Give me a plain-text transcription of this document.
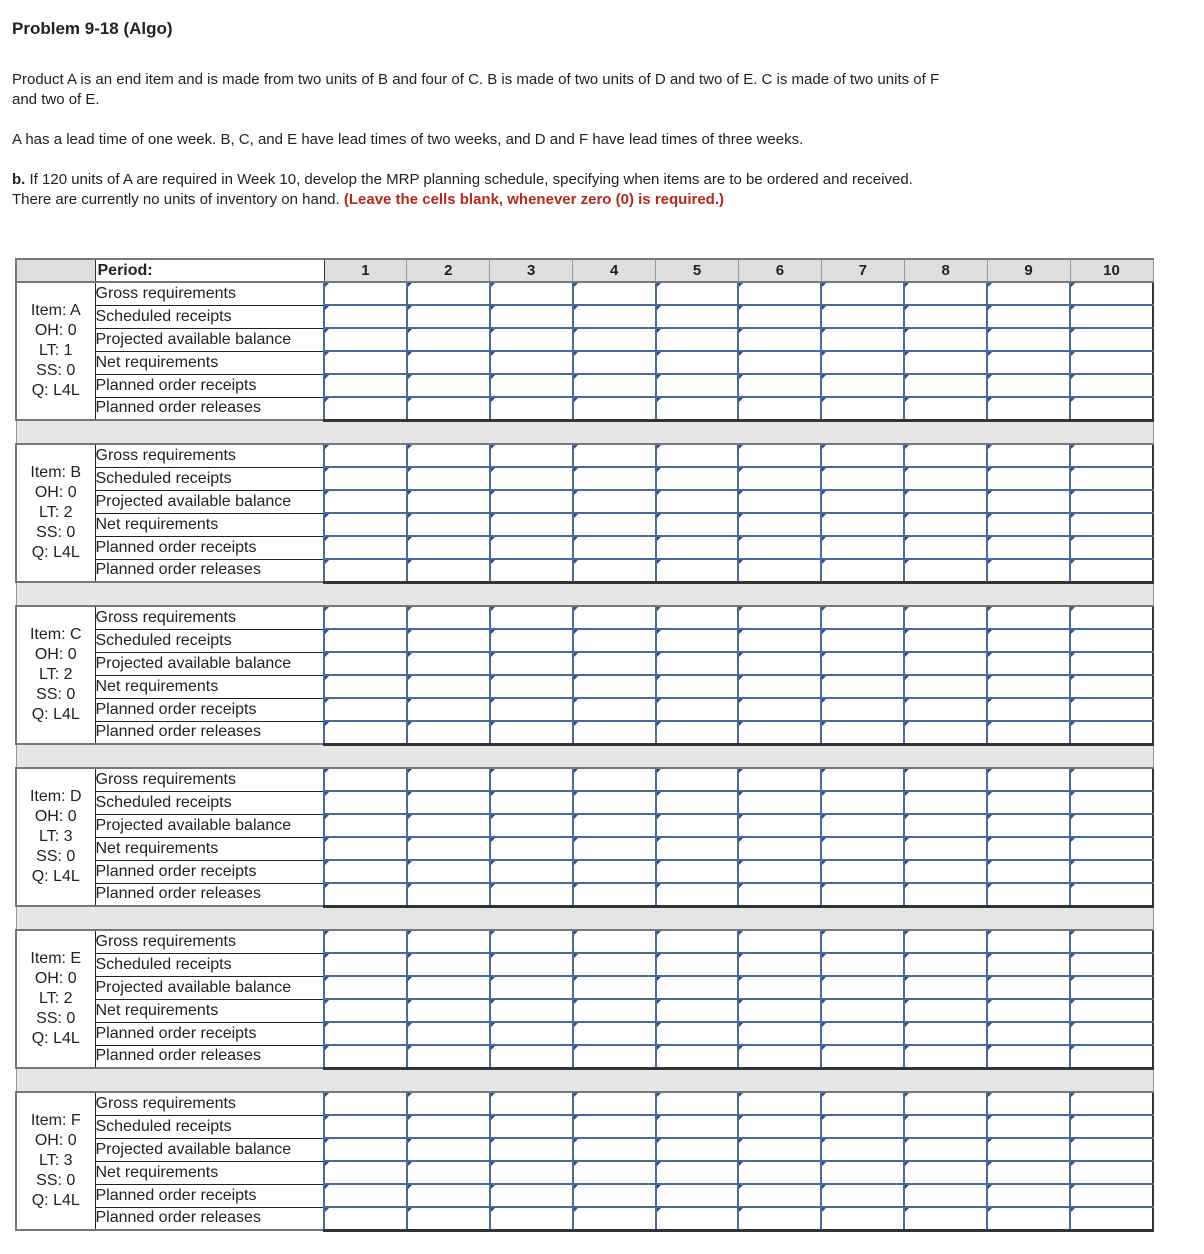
Problem 9-18 (Algo)
Product A is an end item and is made from two units of B and four of C. B is made of two units of D and two of E. C is made of two units of F and two of E.
A has a lead time of one week. B, C, and E have lead times of two weeks, and D and F have lead times of three weeks.
b. If 120 units of A are required in Week 10, develop the MRP planning schedule, specifying when items are to be ordered and received. There are currently no units of inventory on hand. (Leave the cells blank, whenever zero (0) is required.)
	Period:	1	2	3	4	5	6	7	8	9	10

Item: A
OH: 0
LT: 1
SS: 0
Q: L4L	Gross requirements										
	Scheduled receipts										
	Projected available balance										
	Net requirements										
	Planned order receipts										
	Planned order releases										

Item: B
OH: 0
LT: 2
SS: 0
Q: L4L	Gross requirements										
	Scheduled receipts										
	Projected available balance										
	Net requirements										
	Planned order receipts										
	Planned order releases										

Item: C
OH: 0
LT: 2
SS: 0
Q: L4L	Gross requirements										
	Scheduled receipts										
	Projected available balance										
	Net requirements										
	Planned order receipts										
	Planned order releases										

Item: D
OH: 0
LT: 3
SS: 0
Q: L4L	Gross requirements										
	Scheduled receipts										
	Projected available balance										
	Net requirements										
	Planned order receipts										
	Planned order releases										

Item: E
OH: 0
LT: 2
SS: 0
Q: L4L	Gross requirements										
	Scheduled receipts										
	Projected available balance										
	Net requirements										
	Planned order receipts										
	Planned order releases										

Item: F
OH: 0
LT: 3
SS: 0
Q: L4L	Gross requirements										
	Scheduled receipts										
	Projected available balance										
	Net requirements										
	Planned order receipts										
	Planned order releases										
